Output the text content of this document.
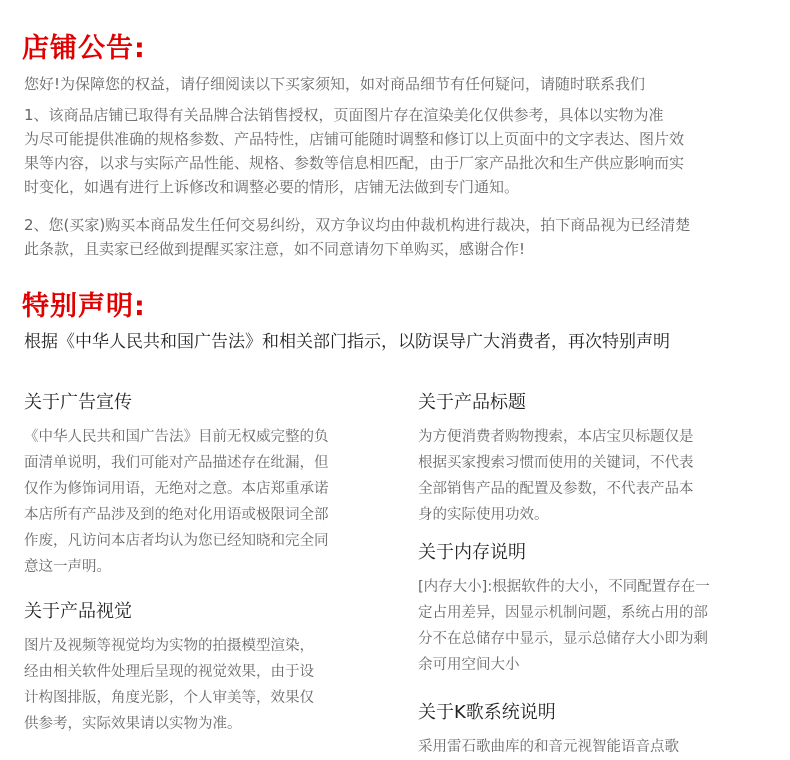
店铺公告:
您好!为保障您的权益，请仔细阅读以下买家须知，如对商品细节有任何疑问，请随时联系我们
1、该商品店铺已取得有关品牌合法销售授权，页面图片存在渲染美化仅供参考，具体以实物为准
为尽可能提供准确的规格参数、产品特性，店铺可能随时调整和修订以上页面中的文字表达、图片效
果等内容，以求与实际产品性能、规格、参数等信息相匹配，由于厂家产品批次和生产供应影响而实
时变化，如遇有进行上诉修改和调整必要的情形，店铺无法做到专门通知。
2、您(买家)购买本商品发生任何交易纠纷，双方争议均由仲裁机构进行裁决，拍下商品视为已经清楚
此条款，且卖家已经做到提醒买家注意，如不同意请勿下单购买，感谢合作!
特别声明:
根据《中华人民共和国广告法》和相关部门指示，以防误导广大消费者，再次特别声明
关于广告宣传
《中华人民共和国广告法》目前无权威完整的负
面清单说明，我们可能对产品描述存在纰漏，但
仅作为修饰词用语，无绝对之意。本店郑重承诺
本店所有产品涉及到的绝对化用语或极限词全部
作废，凡访问本店者均认为您已经知晓和完全同
意这一声明。
关于产品视觉
图片及视频等视觉均为实物的拍摄模型渲染，
经由相关软件处理后呈现的视觉效果，由于设
计构图排版，角度光影，个人审美等，效果仅
供参考，实际效果请以实物为准。
关于产品标题
为方便消费者购物搜索，本店宝贝标题仅是
根据买家搜索习惯而使用的关键词，不代表
全部销售产品的配置及参数，不代表产品本
身的实际使用功效。
关于内存说明
[内存大小]:根据软件的大小，不同配置存在一
定占用差异，因显示机制问题，系统占用的部
分不在总储存中显示，显示总储存大小即为剩
余可用空间大小
关于K歌系统说明
采用雷石歌曲库的和音元视智能语音点歌
